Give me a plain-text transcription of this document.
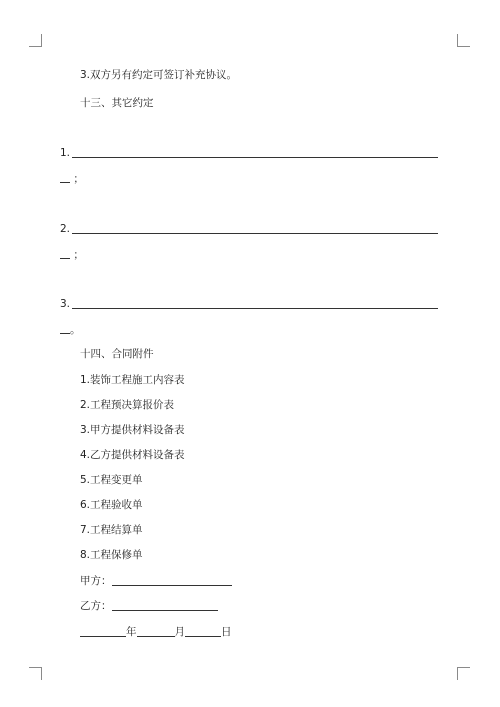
3.双方另有约定可签订补充协议。
十三、其它约定
1.
；
2.
；
3.
。
十四、合同附件
1.装饰工程施工内容表
2.工程预决算报价表
3.甲方提供材料设备表
4.乙方提供材料设备表
5.工程变更单
6.工程验收单
7.工程结算单
8.工程保修单
甲方：
乙方：
年	月	日
